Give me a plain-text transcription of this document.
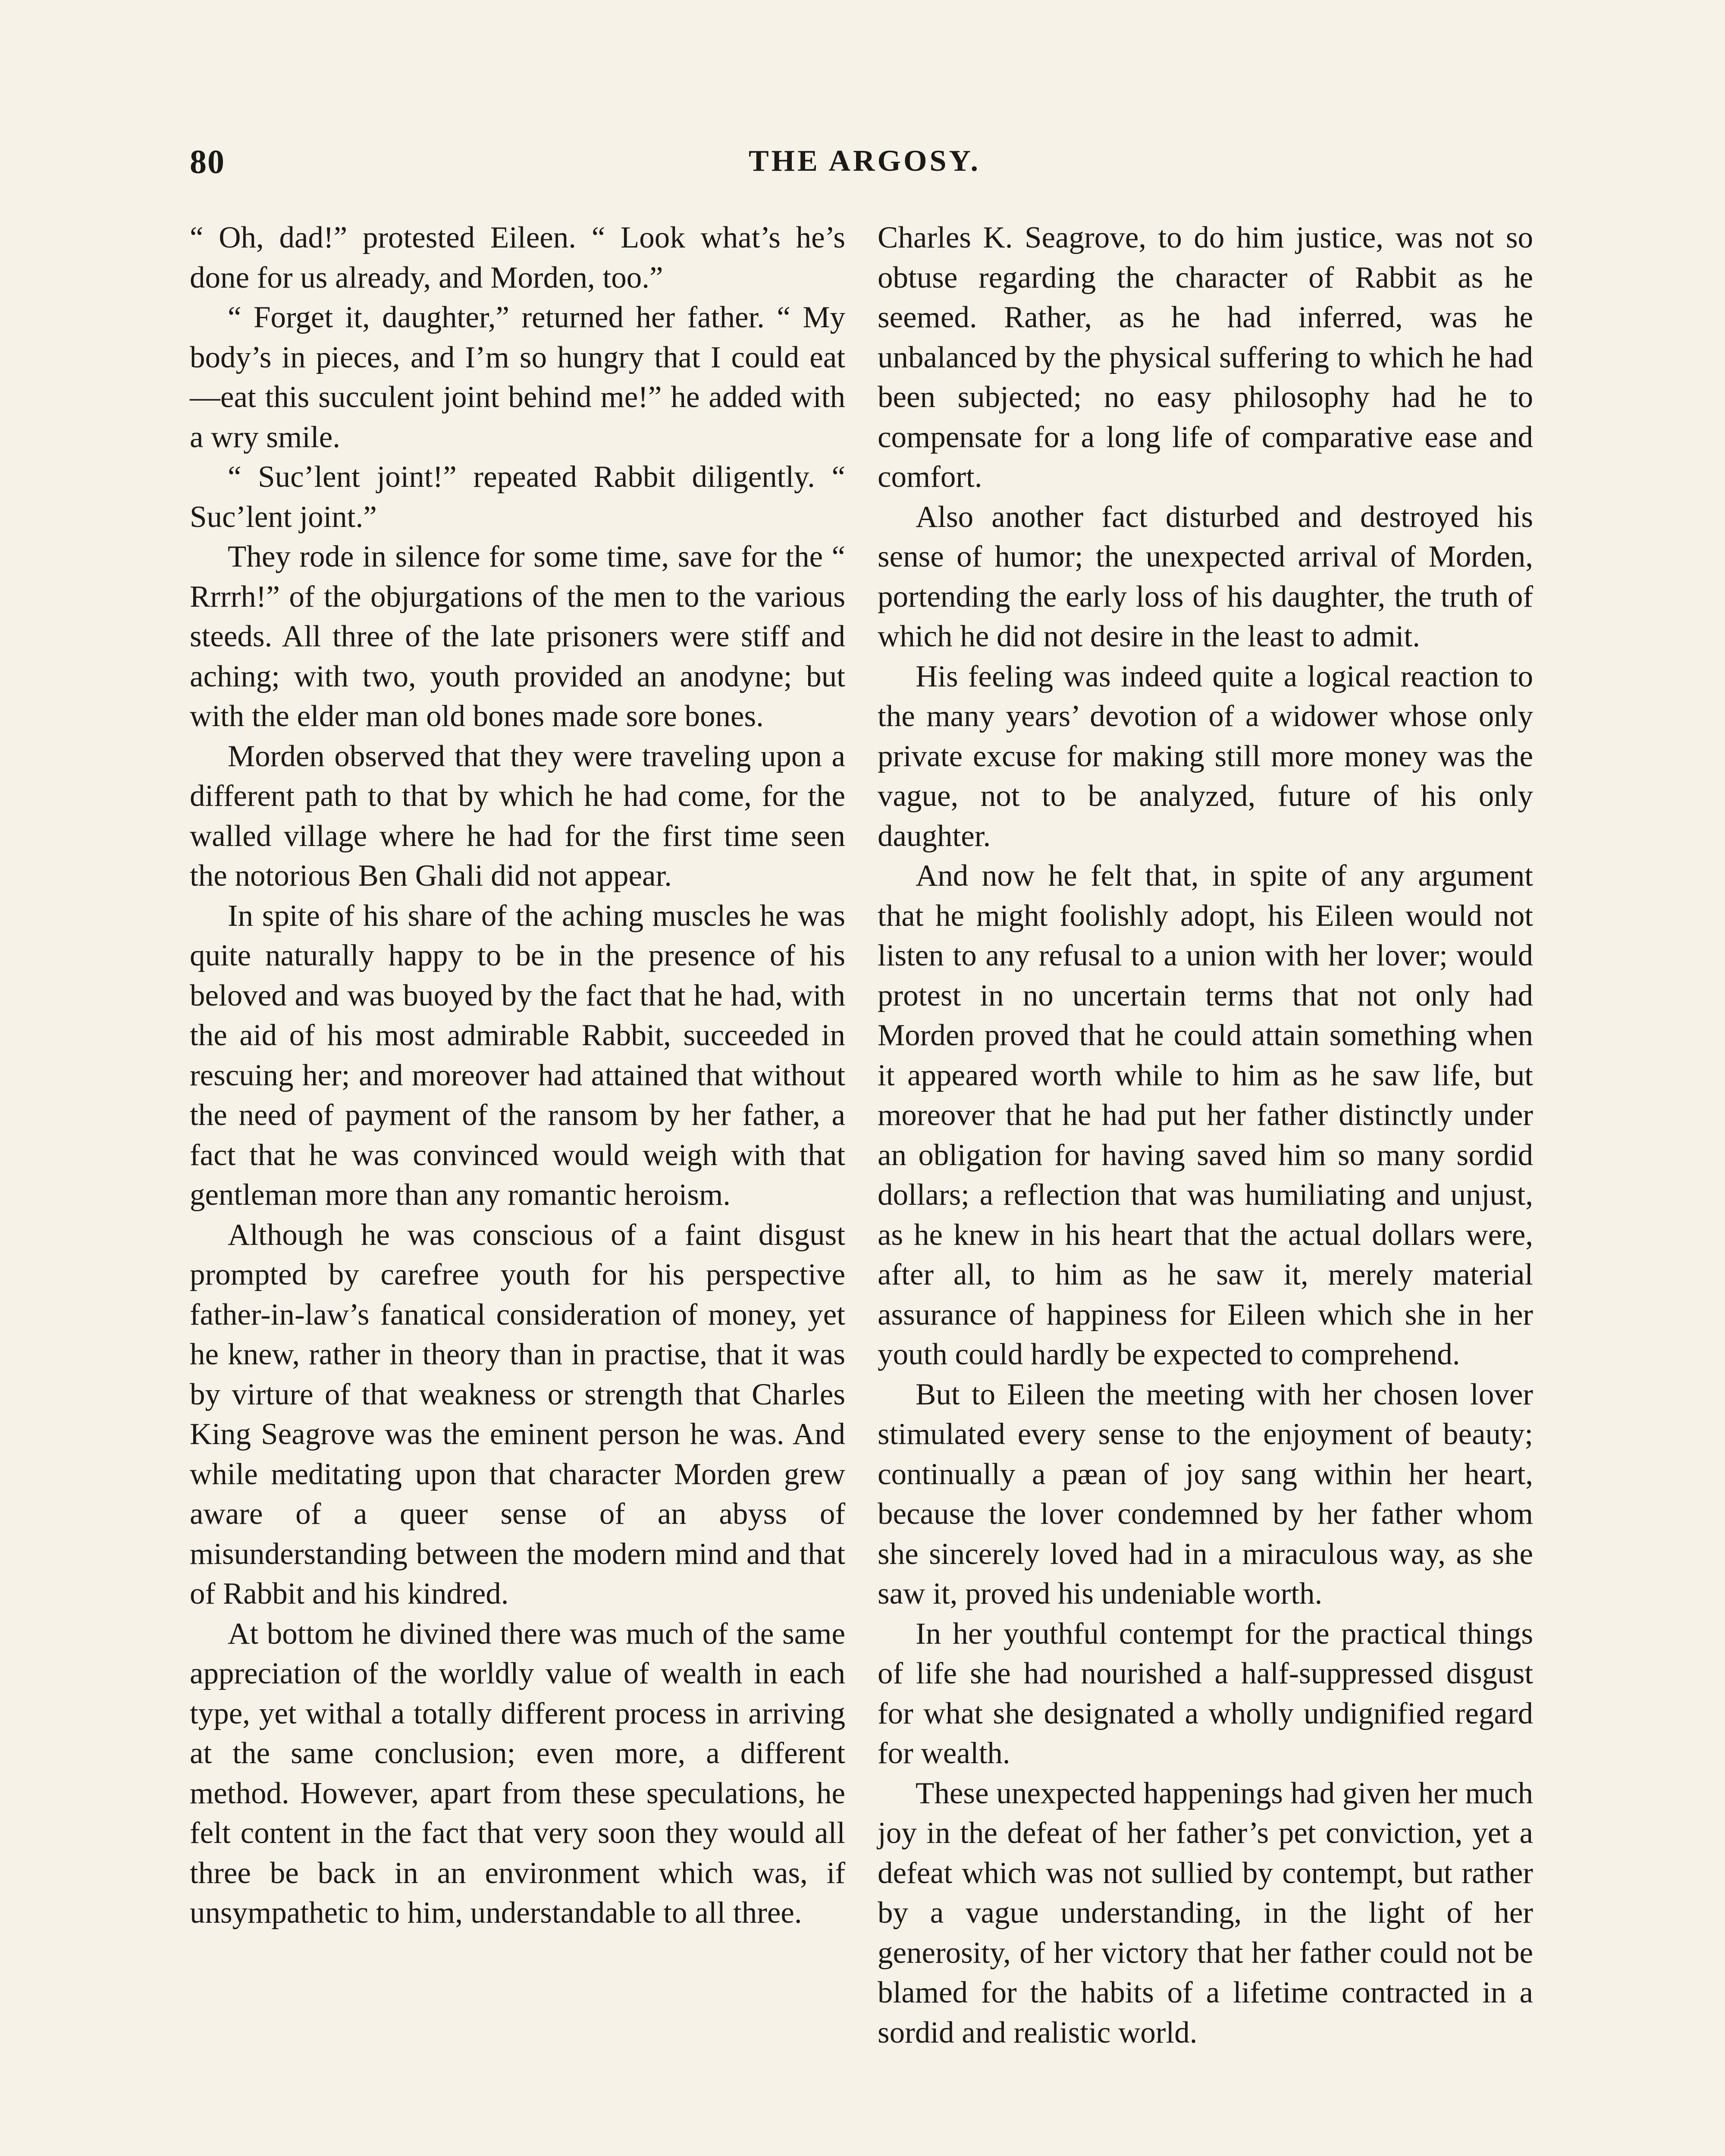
80	THE ARGOSY.

“ Oh, dad!” protested Eileen. “ Look what’s he’s done for us already, and Morden, too.”

“ Forget it, daughter,” returned her father. “ My body’s in pieces, and I’m so hungry that I could eat—eat this succulent joint behind me!” he added with a wry smile.

“ Suc’lent joint!” repeated Rabbit diligently. “ Suc’lent joint.”

They rode in silence for some time, save for the “ Rrrrh!” of the objurgations of the men to the various steeds. All three of the late prisoners were stiff and aching; with two, youth provided an anodyne; but with the elder man old bones made sore bones.

Morden observed that they were traveling upon a different path to that by which he had come, for the walled village where he had for the first time seen the notorious Ben Ghali did not appear.

In spite of his share of the aching muscles he was quite naturally happy to be in the presence of his beloved and was buoyed by the fact that he had, with the aid of his most admirable Rabbit, succeeded in rescuing her; and moreover had attained that without the need of payment of the ransom by her father, a fact that he was convinced would weigh with that gentleman more than any romantic heroism.

Although he was conscious of a faint disgust prompted by carefree youth for his perspective father-in-law’s fanatical consideration of money, yet he knew, rather in theory than in practise, that it was by virture of that weakness or strength that Charles King Seagrove was the eminent person he was. And while meditating upon that character Morden grew aware of a queer sense of an abyss of misunderstanding between the modern mind and that of Rabbit and his kindred.

At bottom he divined there was much of the same appreciation of the worldly value of wealth in each type, yet withal a totally different process in arriving at the same conclusion; even more, a different method. However, apart from these speculations, he felt content in the fact that very soon they would all three be back in an environment which was, if unsympathetic to him, understandable to all three.

Charles K. Seagrove, to do him justice, was not so obtuse regarding the character of Rabbit as he seemed. Rather, as he had inferred, was he unbalanced by the physical suffering to which he had been subjected; no easy philosophy had he to compensate for a long life of comparative ease and comfort.

Also another fact disturbed and destroyed his sense of humor; the unexpected arrival of Morden, portending the early loss of his daughter, the truth of which he did not desire in the least to admit.

His feeling was indeed quite a logical reaction to the many years’ devotion of a widower whose only private excuse for making still more money was the vague, not to be analyzed, future of his only daughter.

And now he felt that, in spite of any argument that he might foolishly adopt, his Eileen would not listen to any refusal to a union with her lover; would protest in no uncertain terms that not only had Morden proved that he could attain something when it appeared worth while to him as he saw life, but moreover that he had put her father distinctly under an obligation for having saved him so many sordid dollars; a reflection that was humiliating and unjust, as he knew in his heart that the actual dollars were, after all, to him as he saw it, merely material assurance of happiness for Eileen which she in her youth could hardly be expected to comprehend.

But to Eileen the meeting with her chosen lover stimulated every sense to the enjoyment of beauty; continually a pæan of joy sang within her heart, because the lover condemned by her father whom she sincerely loved had in a miraculous way, as she saw it, proved his undeniable worth.

In her youthful contempt for the practical things of life she had nourished a half-suppressed disgust for what she designated a wholly undignified regard for wealth.

These unexpected happenings had given her much joy in the defeat of her father’s pet conviction, yet a defeat which was not sullied by contempt, but rather by a vague understanding, in the light of her generosity, of her victory that her father could not be blamed for the habits of a lifetime contracted in a sordid and realistic world.
